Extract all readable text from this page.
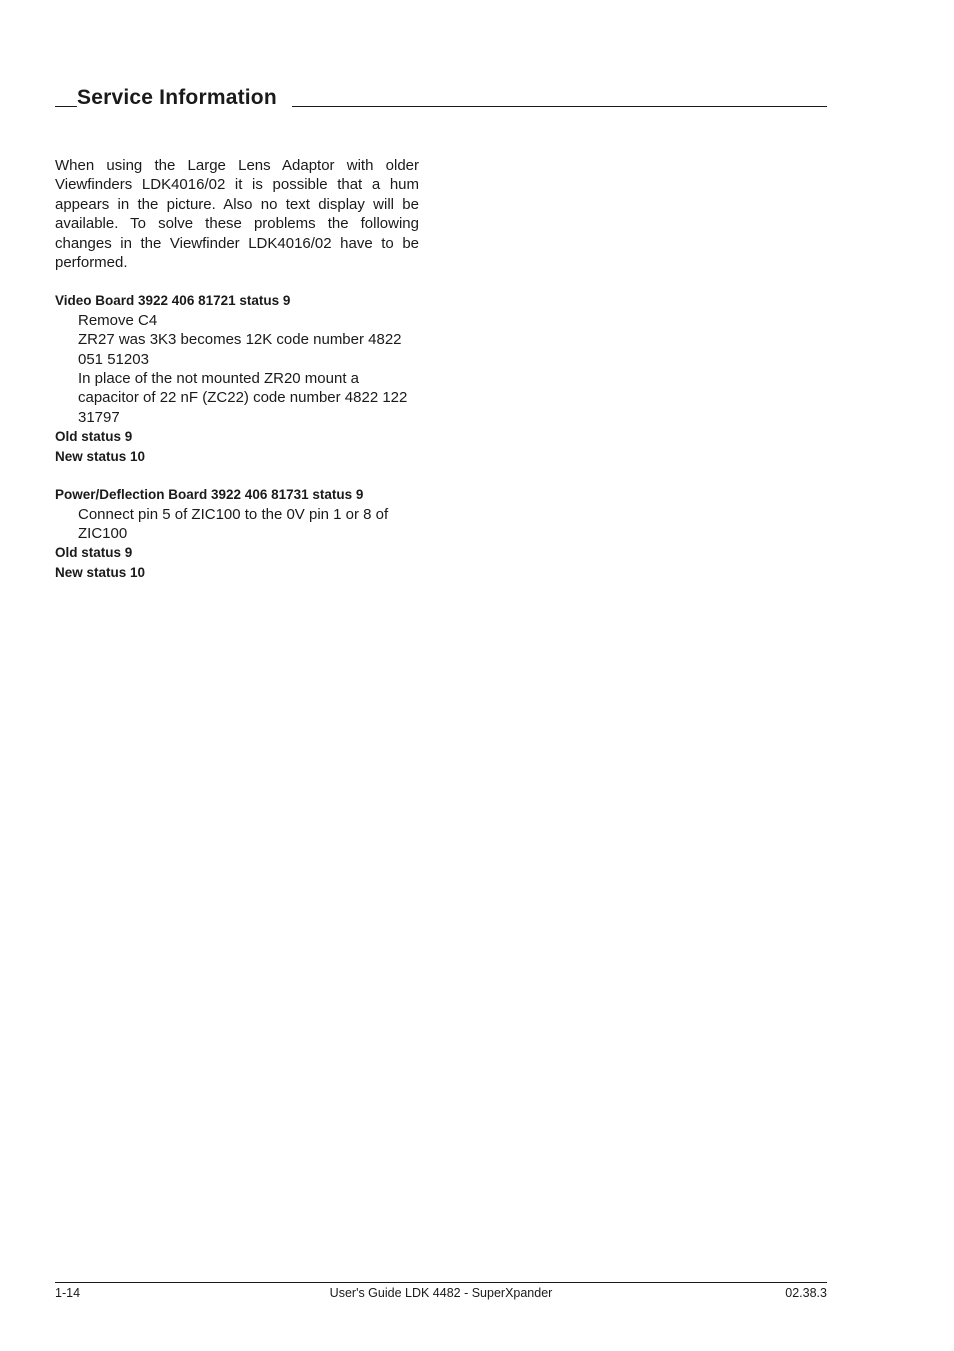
Service Information

When using the Large Lens Adaptor with older Viewfinders LDK4016/02 it is possible that a hum appears in the picture. Also no text display will be available. To solve these problems the following changes in the Viewfinder LDK4016/02 have to be performed.

Video Board 3922 406 81721 status 9

Remove C4

ZR27 was 3K3 becomes 12K code number 4822 051 51203

In place of the not mounted ZR20 mount a capacitor of 22 nF (ZC22) code number 4822 122 31797

Old status 9

New status 10

Power/Deflection Board 3922 406 81731 status 9

Connect pin 5 of ZIC100 to the 0V pin 1 or 8 of ZIC100

Old status 9

New status 10

1-14	User's Guide LDK 4482 - SuperXpander	02.38.3
